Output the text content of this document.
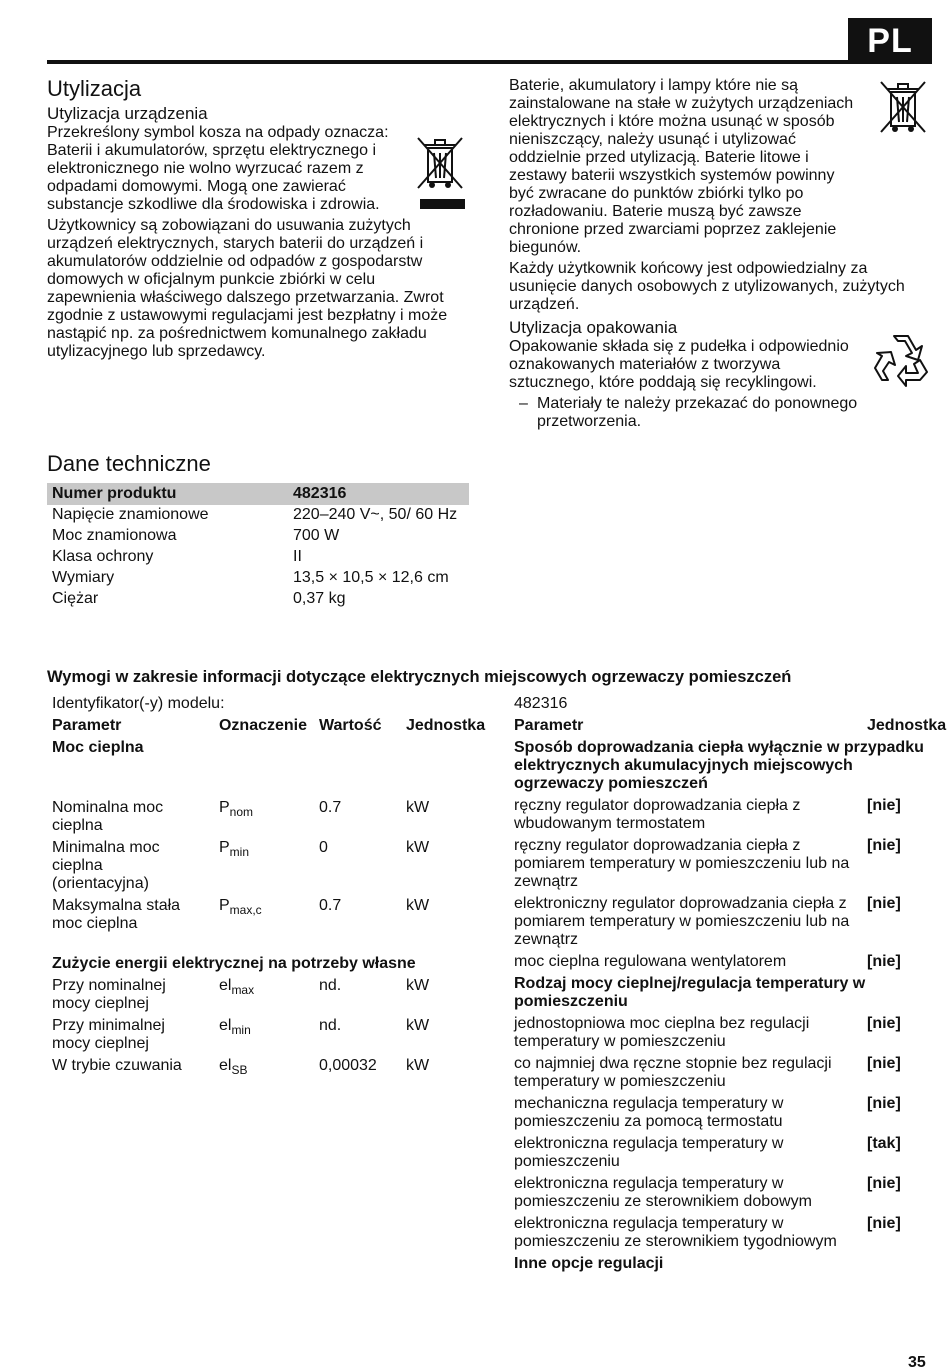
PL
Utylizacja
Utylizacja urządzenia

Przekreślony symbol kosza na odpady oznacza: Baterii i akumulatorów, sprzętu elektrycznego i elektronicznego nie wolno wyrzucać razem z odpadami domowymi. Mogą one zawierać substancje szkodliwe dla środowiska i zdrowia.

Użytkownicy są zobowiązani do usuwania zużytych urządzeń elektrycznych, starych baterii do urządzeń i akumulatorów oddzielnie od odpadów z gospodarstw domowych w oficjalnym punkcie zbiórki w celu zapewnienia właściwego dalszego przetwarzania. Zwrot zgodnie z ustawowymi regulacjami jest bezpłatny i może nastąpić np. za pośrednictwem komunalnego zakładu utylizacyjnego lub sprzedawcy.

Baterie, akumulatory i lampy które nie są zainstalowane na stałe w zużytych urządzeniach elektrycznych i które można usunąć w sposób nieniszczący, należy usunąć i utylizować oddzielnie przed utylizacją. Baterie litowe i zestawy baterii wszystkich systemów powinny być zwracane do punktów zbiórki tylko po rozładowaniu. Baterie muszą być zawsze chronione przed zwarciami poprzez zaklejenie biegunów.

Każdy użytkownik końcowy jest odpowiedzialny za usunięcie danych osobowych z utylizowanych, zużytych urządzeń.

Utylizacja opakowania

Opakowanie składa się z pudełka i odpowiednio oznakowanych materiałów z tworzywa sztucznego, które poddają się recyklingowi.

– Materiały te należy przekazać do ponownego przetworzenia.
Dane techniczne
Numer produktu	482316
Napięcie znamionowe	220–240 V~, 50/ 60 Hz
Moc znamionowa	700 W
Klasa ochrony	II
Wymiary	13,5 × 10,5 × 12,6 cm
Ciężar	0,37 kg
Wymogi w zakresie informacji dotyczące elektrycznych miejscowych ogrzewaczy pomieszczeń
Identyfikator(-y) modelu:			
Parametr	Oznaczenie	Wartość	Jednostka

Moc cieplna			
Nominalna moc cieplna	$P_{nom}$	0.7	kW
Minimalna moc cieplna (orientacyjna)	$P_{min}$	0	kW
Maksymalna stała moc cieplna	$P_{max,c}$	0.7	kW
Zużycie energii elektrycznej na potrzeby własne			
Przy nominalnej mocy cieplnej	$el_{max}$	nd.	kW
Przy minimalnej mocy cieplnej	$el_{min}$	nd.	kW
W trybie czuwania	$el_{SB}$	0,00032	kW
482316	
Parametr	Jednostka

Sposób doprowadzania ciepła wyłącznie w przypadku elektrycznych akumulacyjnych miejscowych ogrzewaczy pomieszczeń	
ręczny regulator doprowadzania ciepła z wbudowanym termostatem	[nie]
ręczny regulator doprowadzania ciepła z pomiarem temperatury w pomieszczeniu lub na zewnątrz	[nie]
elektroniczny regulator doprowadzania ciepła z pomiarem temperatury w pomieszczeniu lub na zewnątrz	[nie]
moc cieplna regulowana wentylatorem	[nie]
Rodzaj mocy cieplnej/regulacja temperatury w pomieszczeniu	
jednostopniowa moc cieplna bez regulacji temperatury w pomieszczeniu	[nie]
co najmniej dwa ręczne stopnie bez regulacji temperatury w pomieszczeniu	[nie]
mechaniczna regulacja temperatury w pomieszczeniu za pomocą termostatu	[nie]
elektroniczna regulacja temperatury w pomieszczeniu	[tak]
elektroniczna regulacja temperatury w pomieszczeniu ze sterownikiem dobowym	[nie]
elektroniczna regulacja temperatury w pomieszczeniu ze sterownikiem tygodniowym	[nie]
Inne opcje regulacji	
35
